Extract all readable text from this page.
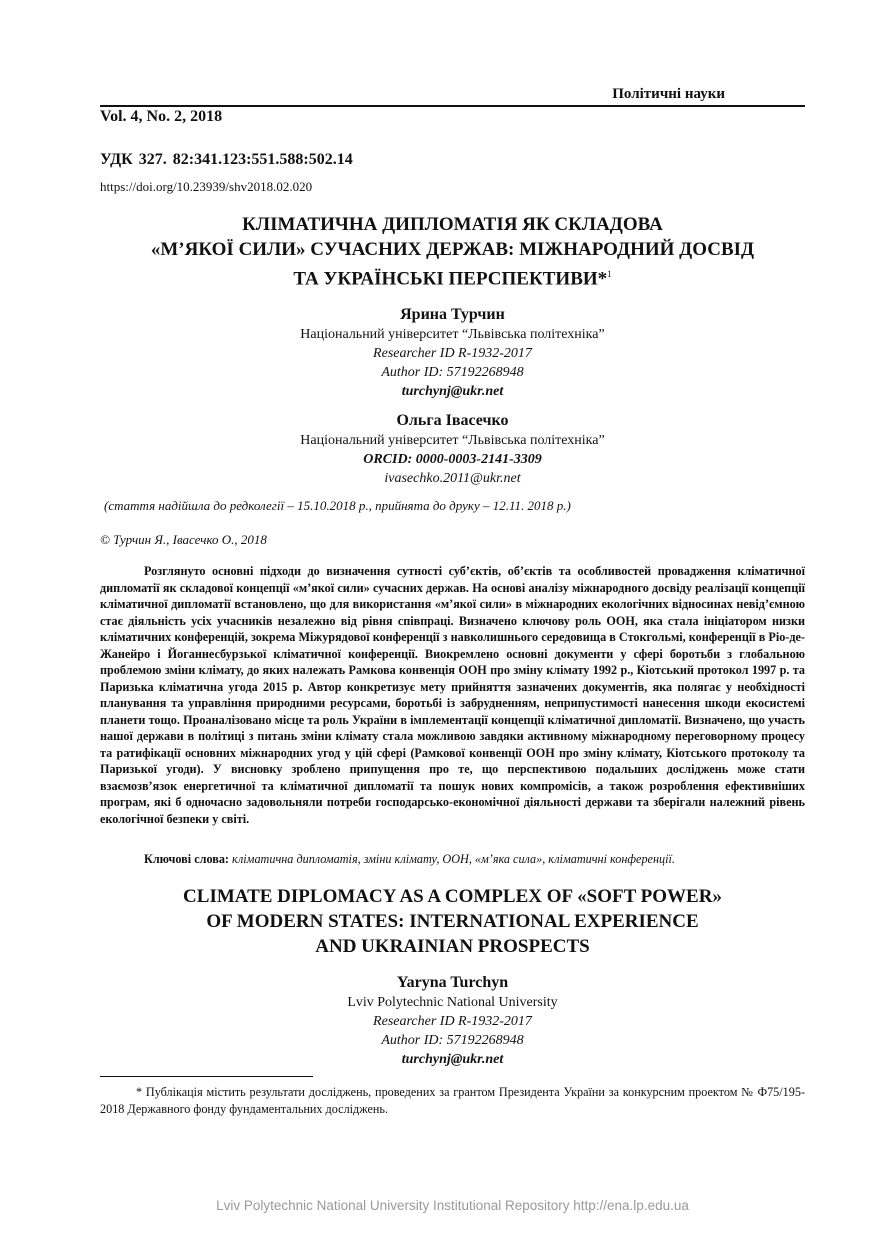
Політичні науки
Vol. 4, No. 2, 2018
УДК 327. 82:341.123:551.588:502.14
https://doi.org/10.23939/shv2018.02.020
КЛІМАТИЧНА ДИПЛОМАТІЯ ЯК СКЛАДОВА
«М’ЯКОЇ СИЛИ» СУЧАСНИХ ДЕРЖАВ: МІЖНАРОДНИЙ ДОСВІД
ТА УКРАЇНСЬКІ ПЕРСПЕКТИВИ*$^1$
Ярина Турчин
Національний університет “Львівська політехніка”
Researcher ID R-1932-2017
Author ID: 57192268948
turchynj@ukr.net
Ольга Івасечко
Національний університет “Львівська політехніка”
ORCID: 0000-0003-2141-3309
ivasechko.2011@ukr.net
(стаття надійшла до редколегії – 15.10.2018 р., прийнята до друку – 12.11. 2018 р.)
© Турчин Я., Івасечко О., 2018
Розглянуто основні підходи до визначення сутності суб’єктів, об’єктів та особливостей провадження кліматичної дипломатії як складової концепції «м’якої сили» сучасних держав. На основі аналізу міжнародного досвіду реалізації концепції кліматичної дипломатії встановлено, що для використання «м’якої сили» в міжнародних екологічних відносинах невід’ємною стає діяльність усіх учасників незалежно від рівня співпраці. Визначено ключову роль ООН, яка стала ініціатором низки кліматичних конференцій, зокрема Міжурядової конференції з навколишнього середовища в Стокгольмі, конференції в Ріо-де-Жанейро і Йоганнесбурзької кліматичної конференції. Виокремлено основні документи у сфері боротьби з глобальною проблемою зміни клімату, до яких належать Рамкова конвенція ООН про зміну клімату 1992 р., Кіотський протокол 1997 р. та Паризька кліматична угода 2015 р. Автор конкретизує мету прийняття зазначених документів, яка полягає у необхідності планування та управління природними ресурсами, боротьбі із забрудненням, неприпустимості нанесення шкоди екосистемі планети тощо. Проаналізовано місце та роль України в імплементації концепції кліматичної дипломатії. Визначено, що участь нашої держави в політиці з питань зміни клімату стала можливою завдяки активному міжнародному переговорному процесу та ратифікації основних міжнародних угод у цій сфері (Рамкової конвенції ООН про зміну клімату, Кіотського протоколу та Паризької угоди). У висновку зроблено припущення про те, що перспективою подальших досліджень може стати взаємозв’язок енергетичної та кліматичної дипломатії та пошук нових компромісів, а також розроблення ефективніших програм, які б одночасно задовольняли потреби господарсько-економічної діяльності держави та зберігали належний рівень екологічної безпеки у світі.
Ключові слова: кліматична дипломатія, зміни клімату, ООН, «м’яка сила», кліматичні конференції.
CLIMATE DIPLOMACY AS A COMPLEX OF «SOFT POWER»
OF MODERN STATES: INTERNATIONAL EXPERIENCE
AND UKRAINIAN PROSPECTS
Yaryna Turchyn
Lviv Polytechnic National University
Researcher ID R-1932-2017
Author ID: 57192268948
turchynj@ukr.net
* Публікація містить результати досліджень, проведених за грантом Президента України за конкурсним проектом № Ф75/195-2018 Державного фонду фундаментальних досліджень.
Lviv Polytechnic National University Institutional Repository http://ena.lp.edu.ua
